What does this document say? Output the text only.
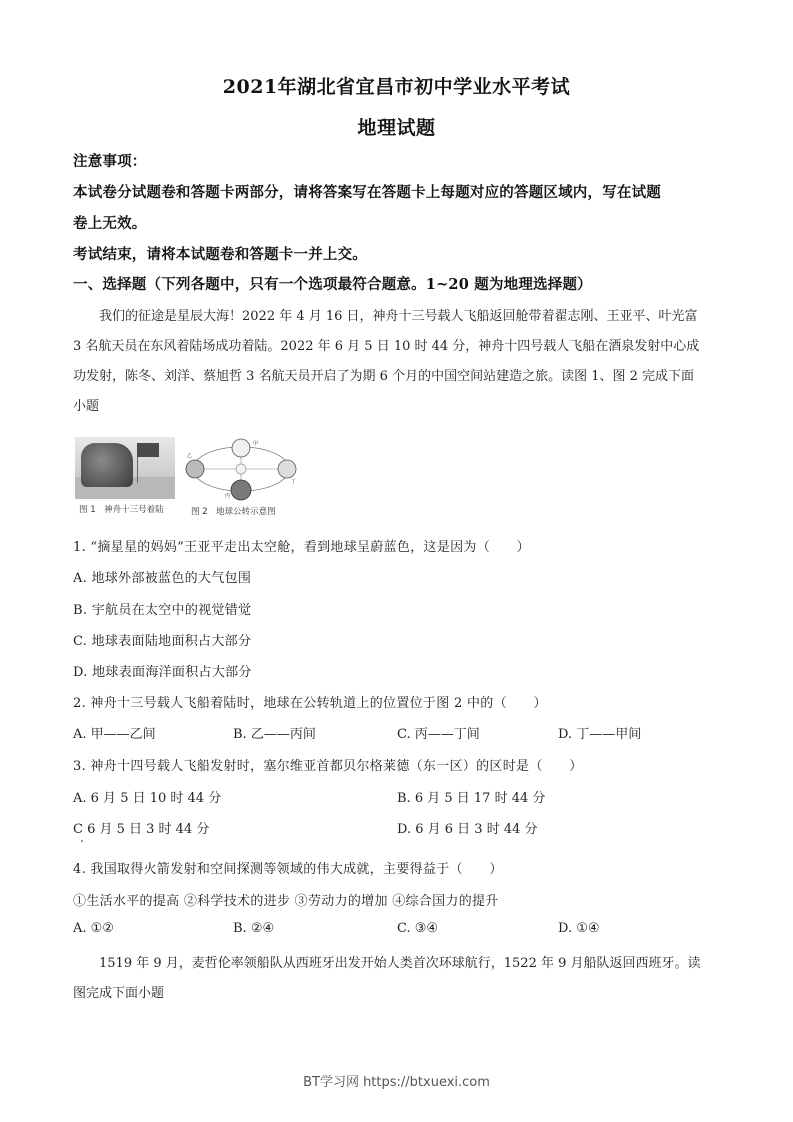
2021年湖北省宜昌市初中学业水平考试
地理试题
注意事项：
本试卷分试题卷和答题卡两部分，请将答案写在答题卡上每题对应的答题区域内，写在试题
卷上无效。
考试结束，请将本试题卷和答题卡一并上交。
一、选择题（下列各题中，只有一个选项最符合题意。1~20 题为地理选择题）
我们的征途是星辰大海！2022 年 4 月 16 日，神舟十三号载人飞船返回舱带着翟志刚、王亚平、叶光富
3 名航天员在东风着陆场成功着陆。2022 年 6 月 5 日 10 时 44 分，神舟十四号载人飞船在酒泉发射中心成
功发射，陈冬、刘洋、蔡旭哲 3 名航天员开启了为期 6 个月的中国空间站建造之旅。读图 1、图 2 完成下面
小题
图 1　神舟十三号着陆
甲
乙
丙
丁
图 2　地球公转示意图
1. “摘星星的妈妈”王亚平走出太空舱，看到地球呈蔚蓝色，这是因为（　　）
A. 地球外部被蓝色的大气包围
B. 宇航员在太空中的视觉错觉
C. 地球表面陆地面积占大部分
D. 地球表面海洋面积占大部分
2. 神舟十三号载人飞船着陆时，地球在公转轨道上的位置位于图 2 中的（　　）
A. 甲——乙间	B. 乙——丙间	C. 丙——丁间	D. 丁——甲间
3. 神舟十四号载人飞船发射时，塞尔维亚首都贝尔格莱德（东一区）的区时是（　　）
A. 6 月 5 日 10 时 44 分	B. 6 月 5 日 17 时 44 分
C 6 月 5 日 3 时 44 分	D. 6 月 6 日 3 时 44 分
4. 我国取得火箭发射和空间探测等领域的伟大成就，主要得益于（　　）
①生活水平的提高 ②科学技术的进步 ③劳动力的增加 ④综合国力的提升
A. ①②	B. ②④	C. ③④	D. ①④
1519 年 9 月，麦哲伦率领船队从西班牙出发开始人类首次环球航行，1522 年 9 月船队返回西班牙。读
图完成下面小题
BT学习网 https://btxuexi.com
